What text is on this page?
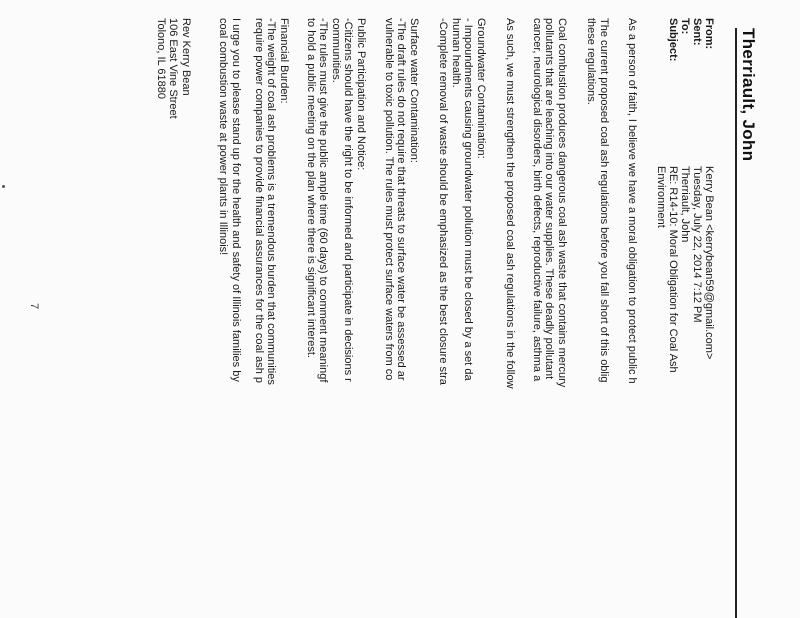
Therriault, John
From:
Kerry Bean <kerrybean59@gmail.com>
Sent:
Tuesday, July 22, 2014 7:12 PM
To:
Therriault, John
Subject:
RE: R14-10: Moral Obligation for Coal Ash
Environment
As a person of faith, I believe we have a moral obligation to protect public h
The current proposed coal ash regulations before you fall short of this oblig
these regulations.
Coal combustion produces dangerous coal ash waste that contains mercury
pollutants that are leaching into our water supplies. These deadly pollutant
cancer, neurological disorders, birth defects, reproductive failure, asthma a
As such, we must strengthen the proposed coal ash regulations in the follow
Groundwater Contamination:
- Impoundments causing groundwater pollution must be closed by a set da
human health.
-Complete removal of waste should be emphasized as the best closure stra
Surface water Contamination:
-The draft rules do not require that threats to surface water be assessed ar
vulnerable to toxic pollution. The rules must protect surface waters from co
Public Participation and Notice:
-Citizens should have the right to be informed and participate in decisions r
communities.
-The rules must give the public ample time (60 days) to comment meaningf
to hold a public meeting on the plan where there is significant interest.
Financial Burden:
-The weight of coal ash problems is a tremendous burden that communities
require power companies to provide financial assurances for the coal ash p
I urge you to please stand up for the health and safety of Illinois families by
coal combustion waste at power plants in Illinois!
Rev Kerry Bean
106 East Vine Street
Tolono, IL 61880
7
